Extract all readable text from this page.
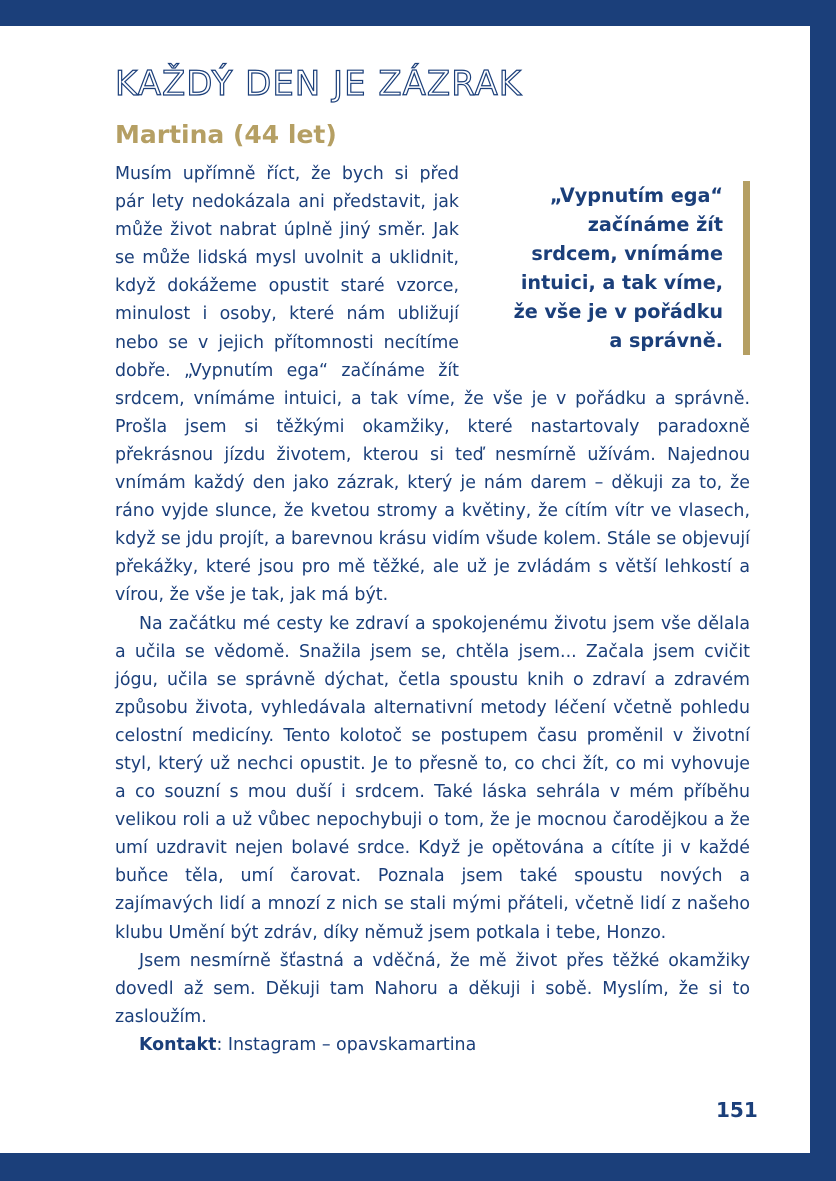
KAŽDÝ DEN JE ZÁZRAK
Martina (44 let)
„Vypnutím ega“
začínáme žít
srdcem, vnímáme
intuici, a tak víme,
že vše je v pořádku
a správně.

Musím upřímně říct, že bych si před pár lety nedokázala ani představit, jak může život nabrat úplně jiný směr. Jak se může lidská mysl uvolnit a uklidnit, když dokážeme opustit staré vzorce, minulost i osoby, které nám ubližují nebo se v jejich přítomnosti necítíme dobře. „Vypnutím ega“ začínáme žít srdcem, vnímáme intuici, a tak víme, že vše je v pořádku a správně. Prošla jsem si těžkými okamžiky, které nastartovaly paradoxně překrásnou jízdu životem, kterou si teď nesmírně užívám. Najednou vnímám každý den jako zázrak, který je nám darem – děkuji za to, že ráno vyjde slunce, že kvetou stromy a květiny, že cítím vítr ve vlasech, když se jdu projít, a barevnou krásu vidím všude kolem. Stále se objevují překážky, které jsou pro mě těžké, ale už je zvládám s větší lehkostí a vírou, že vše je tak, jak má být.

Na začátku mé cesty ke zdraví a spokojenému životu jsem vše dělala a učila se vědomě. Snažila jsem se, chtěla jsem... Začala jsem cvičit jógu, učila se správně dýchat, četla spoustu knih o zdraví a zdravém způsobu života, vyhledávala alternativní metody léčení včetně pohledu celostní medicíny. Tento kolotoč se postupem času proměnil v životní styl, který už nechci opustit. Je to přesně to, co chci žít, co mi vyhovuje a co souzní s mou duší i srdcem. Také láska sehrála v mém příběhu velikou roli a už vůbec nepochybuji o tom, že je mocnou čarodějkou a že umí uzdravit nejen bolavé srdce. Když je opětována a cítíte ji v každé buňce těla, umí čarovat. Poznala jsem také spoustu nových a zajímavých lidí a mnozí z nich se stali mými přáteli, včetně lidí z našeho klubu Umění být zdráv, díky němuž jsem potkala i tebe, Honzo.

Jsem nesmírně šťastná a vděčná, že mě život přes těžké okamžiky dovedl až sem. Děkuji tam Nahoru a děkuji i sobě. Myslím, že si to zasloužím.

Kontakt: Instagram – opavskamartina

151
